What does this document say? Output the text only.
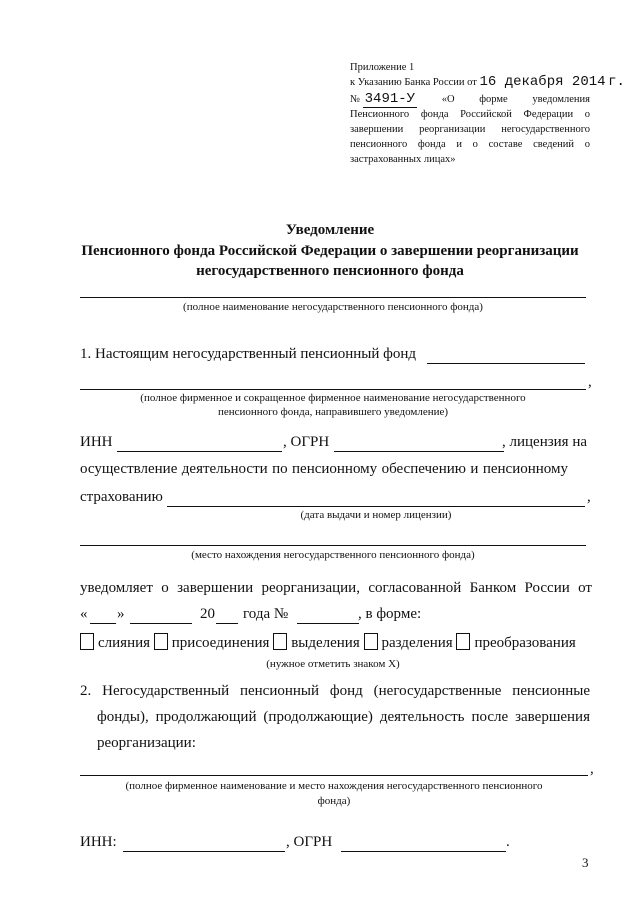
Приложение 1
к Указанию Банка России от 16 декабря 2014 г.
№ 3491-У	«О форме уведомления
Пенсионного фонда Российской Федерации о
завершении реорганизации негосударственного
пенсионного фонда и о составе сведений о
застрахованных лицах»
Уведомление
Пенсионного фонда Российской Федерации о завершении реорганизации
негосударственного пенсионного фонда
(полное наименование негосударственного пенсионного фонда)
1. Настоящим негосударственный пенсионный фонд
,
(полное фирменное и сокращенное фирменное наименование негосударственного
пенсионного фонда, направившего уведомление)
ИНН	, ОГРН	, лицензия на
осуществление деятельности по пенсионному обеспечению и пенсионному
страхованию	,
(дата выдачи и номер лицензии)
(место нахождения негосударственного пенсионного фонда)
уведомляет о завершении реорганизации, согласованной Банком России от
« »	20 года №	, в форме:
слияния присоединения выделения разделения преобразования
(нужное отметить знаком Х)
2. Негосударственный пенсионный фонд (негосударственные пенсионные
фонды), продолжающий (продолжающие) деятельность после завершения
реорганизации:
,
(полное фирменное наименование и место нахождения негосударственного пенсионного
фонда)
ИНН:	, ОГРН	.
3
